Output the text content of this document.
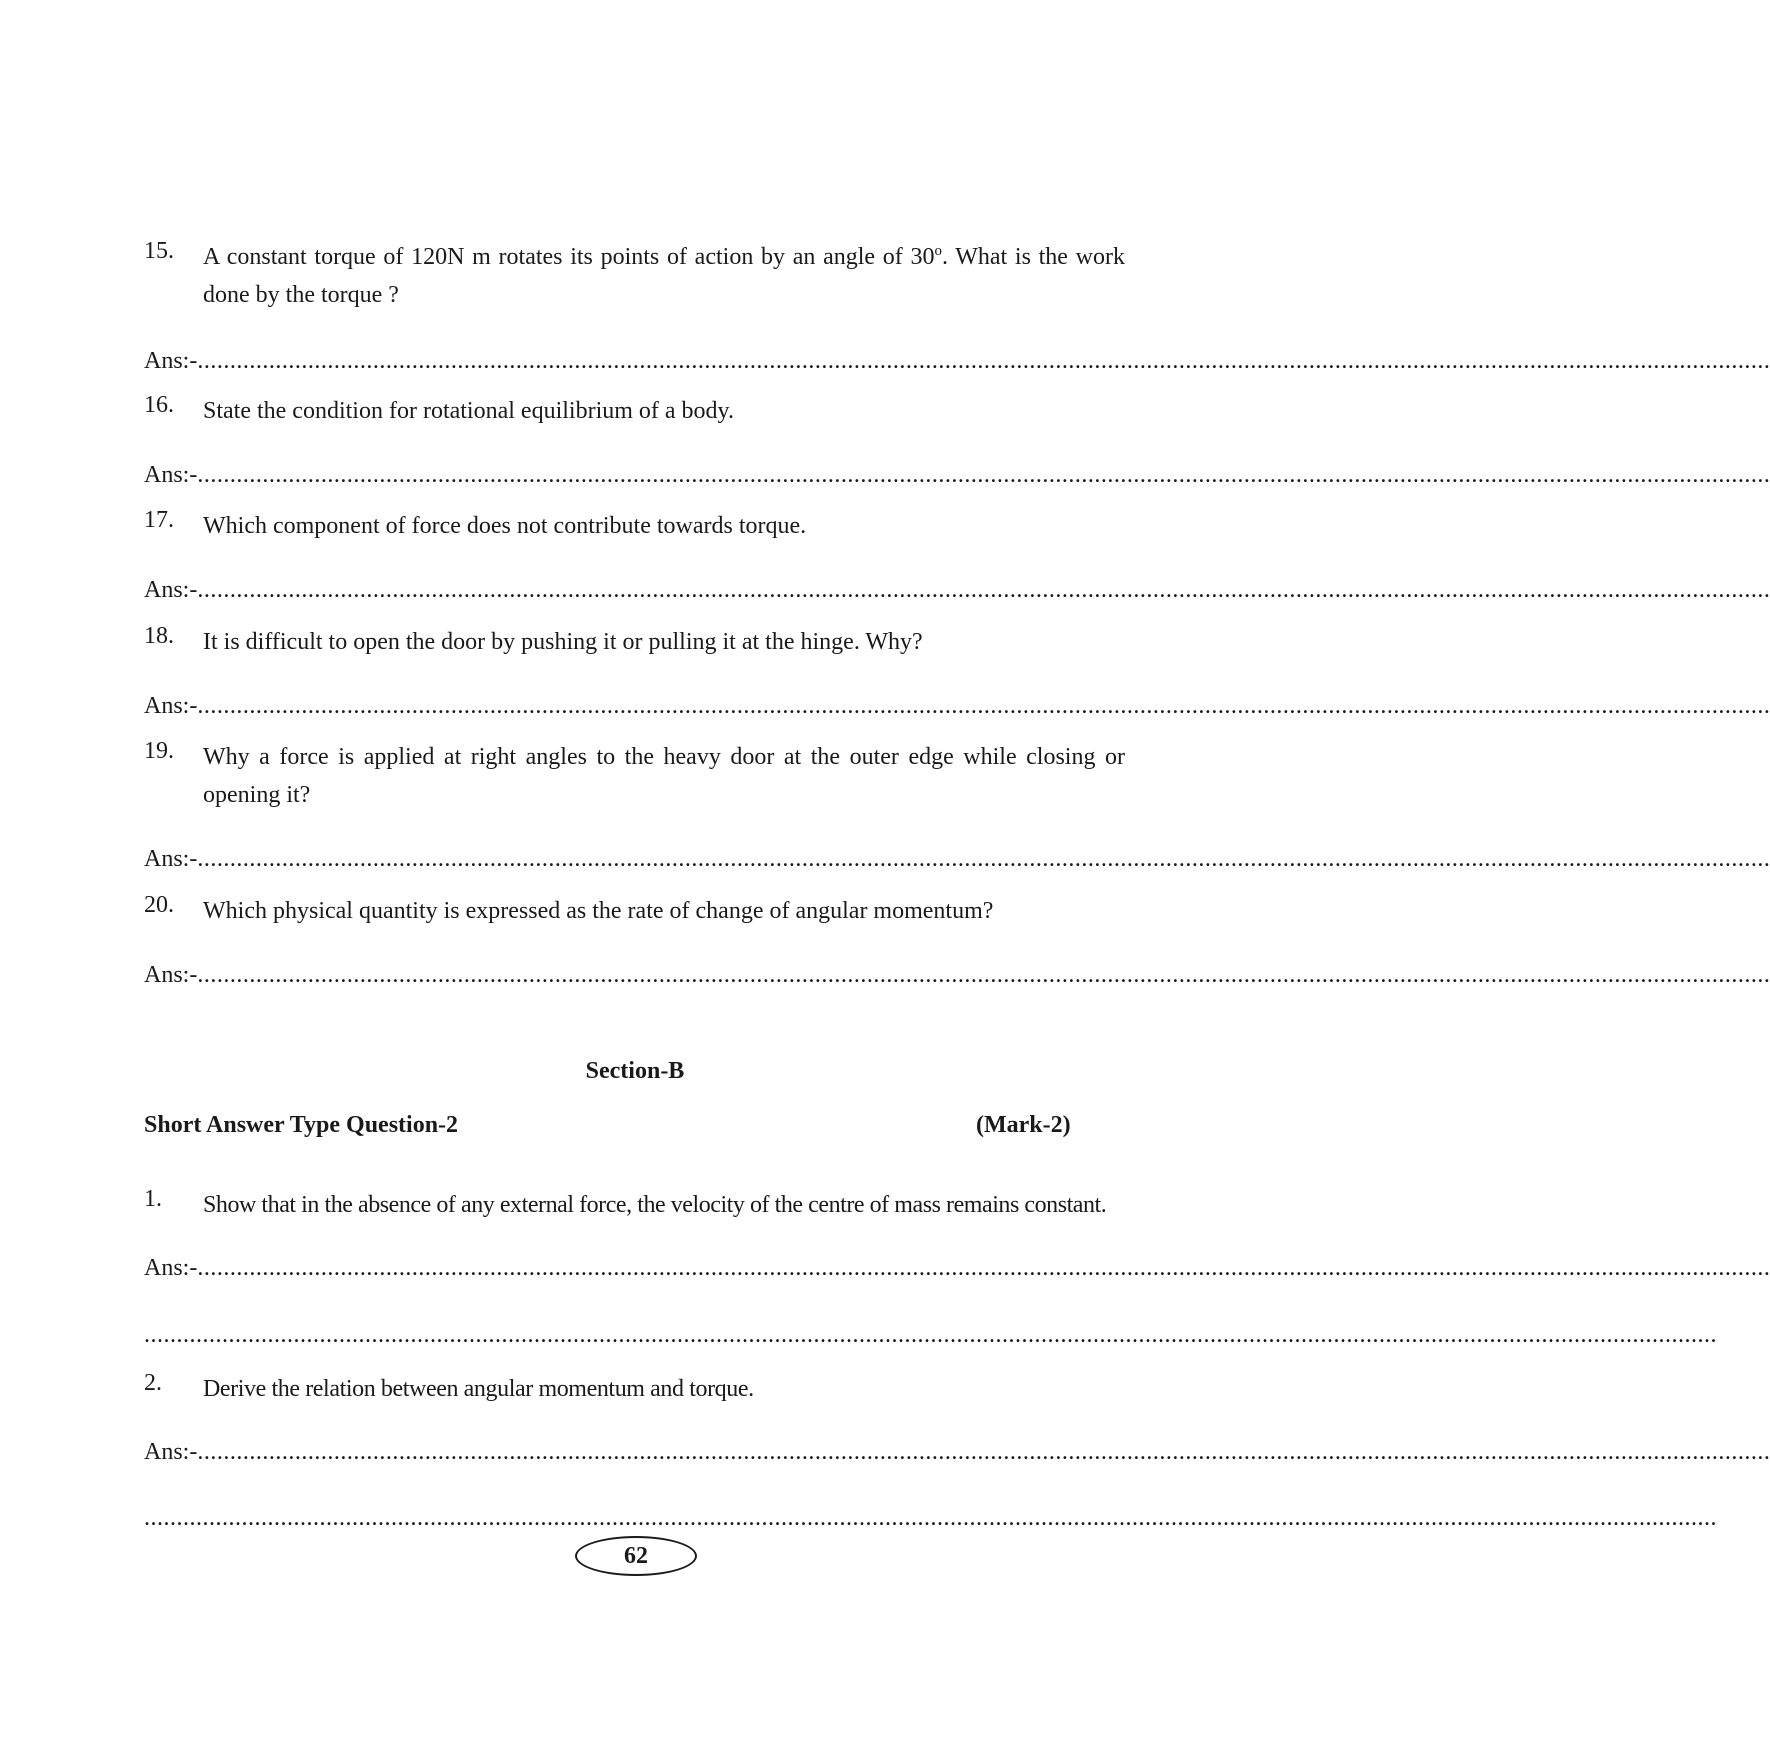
15. A constant torque of 120N m rotates its points of action by an angle of 30$^o$. What is the work done by the torque ?
Ans:- ..................................................................................................................................................................................................................................................
16. State the condition for rotational equilibrium of a body.
Ans:- ..................................................................................................................................................................................................................................................
17. Which component of force does not contribute towards torque.
Ans:- ..................................................................................................................................................................................................................................................
18. It is difficult to open the door by pushing it or pulling it at the hinge. Why?
Ans:- ..................................................................................................................................................................................................................................................
19. Why a force is applied at right angles to the heavy door at the outer edge while closing or opening it?
Ans:- ..................................................................................................................................................................................................................................................
20. Which physical quantity is expressed as the rate of change of angular momentum?
Ans:- ..................................................................................................................................................................................................................................................
Section-B
Short Answer Type Question-2	(Mark-2)
1. Show that in the absence of any external force, the velocity of the centre of mass remains constant.
Ans:- ..................................................................................................................................................................................................................................................
..................................................................................................................................................................................................................................................
2. Derive the relation between angular momentum and torque.
Ans:- ..................................................................................................................................................................................................................................................
..................................................................................................................................................................................................................................................
62
